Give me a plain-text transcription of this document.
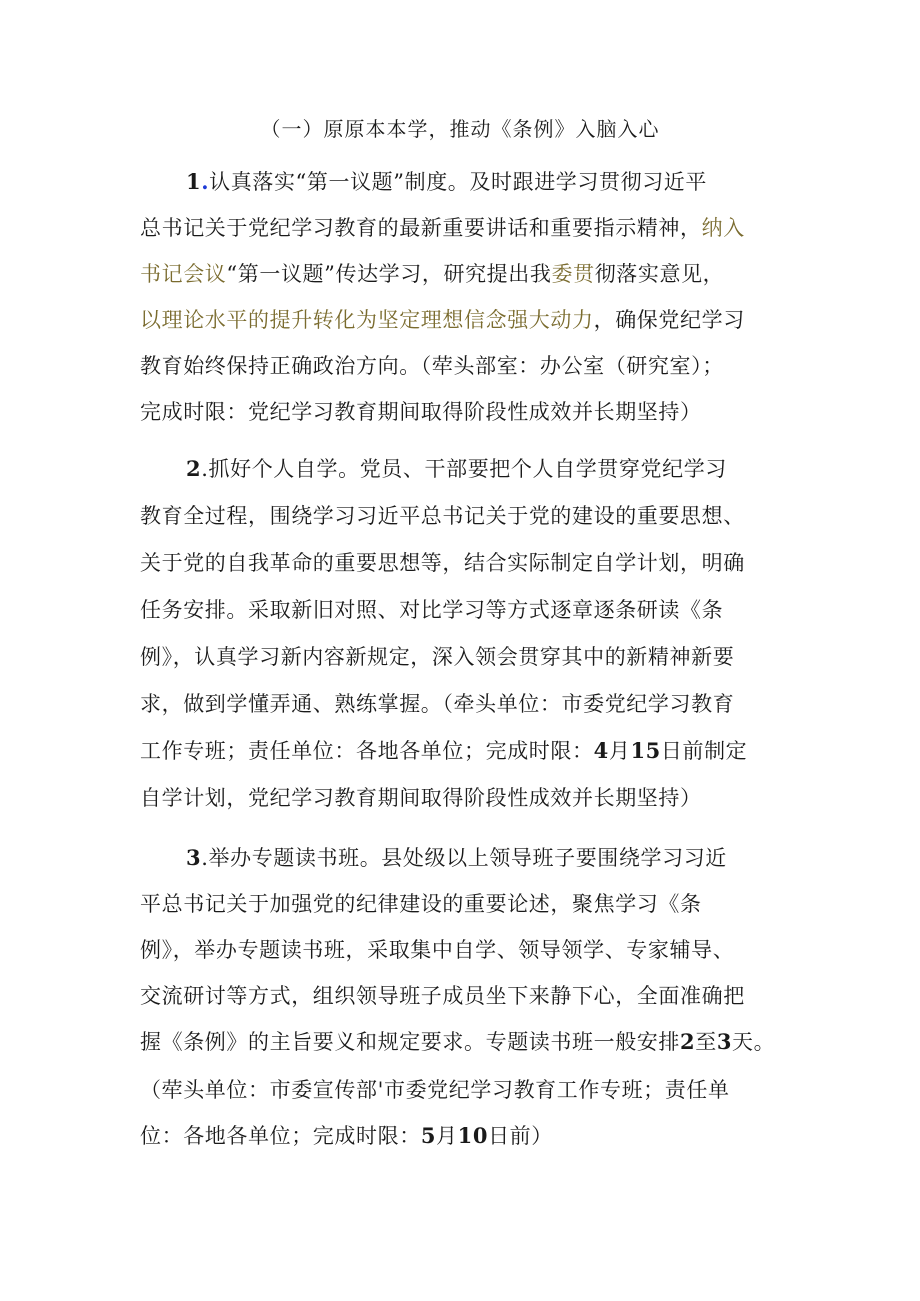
（一）原原本本学，推动《条例》入脑入心
1.认真落实“第一议题”制度。及时跟进学习贯彻习近平
总书记关于党纪学习教育的最新重要讲话和重要指示精神，纳入
书记会议“第一议题”传达学习，研究提出我委贯彻落实意见，
以理论水平的提升转化为坚定理想信念强大动力，确保党纪学习
教育始终保持正确政治方向。（荦头部室：办公室（研究室）；
完成时限：党纪学习教育期间取得阶段性成效并长期坚持）
2.抓好个人自学。党员、干部要把个人自学贯穿党纪学习
教育全过程，围绕学习习近平总书记关于党的建设的重要思想、
关于党的自我革命的重要思想等，结合实际制定自学计划，明确
任务安排。采取新旧对照、对比学习等方式逐章逐条研读《条
例》，认真学习新内容新规定，深入领会贯穿其中的新精神新要
求，做到学懂弄通、熟练掌握。（牵头单位：市委党纪学习教育
工作专班；责任单位：各地各单位；完成时限：4月15日前制定
自学计划，党纪学习教育期间取得阶段性成效并长期坚持）
3.举办专题读书班。县处级以上领导班子要围绕学习习近
平总书记关于加强党的纪律建设的重要论述，聚焦学习《条
例》，举办专题读书班，采取集中自学、领导领学、专家辅导、
交流研讨等方式，组织领导班子成员坐下来静下心，全面准确把
握《条例》的主旨要义和规定要求。专题读书班一般安排2至3天。
（荦头单位：市委宣传部'市委党纪学习教育工作专班；责任单
位：各地各单位；完成时限：5月10日前）
